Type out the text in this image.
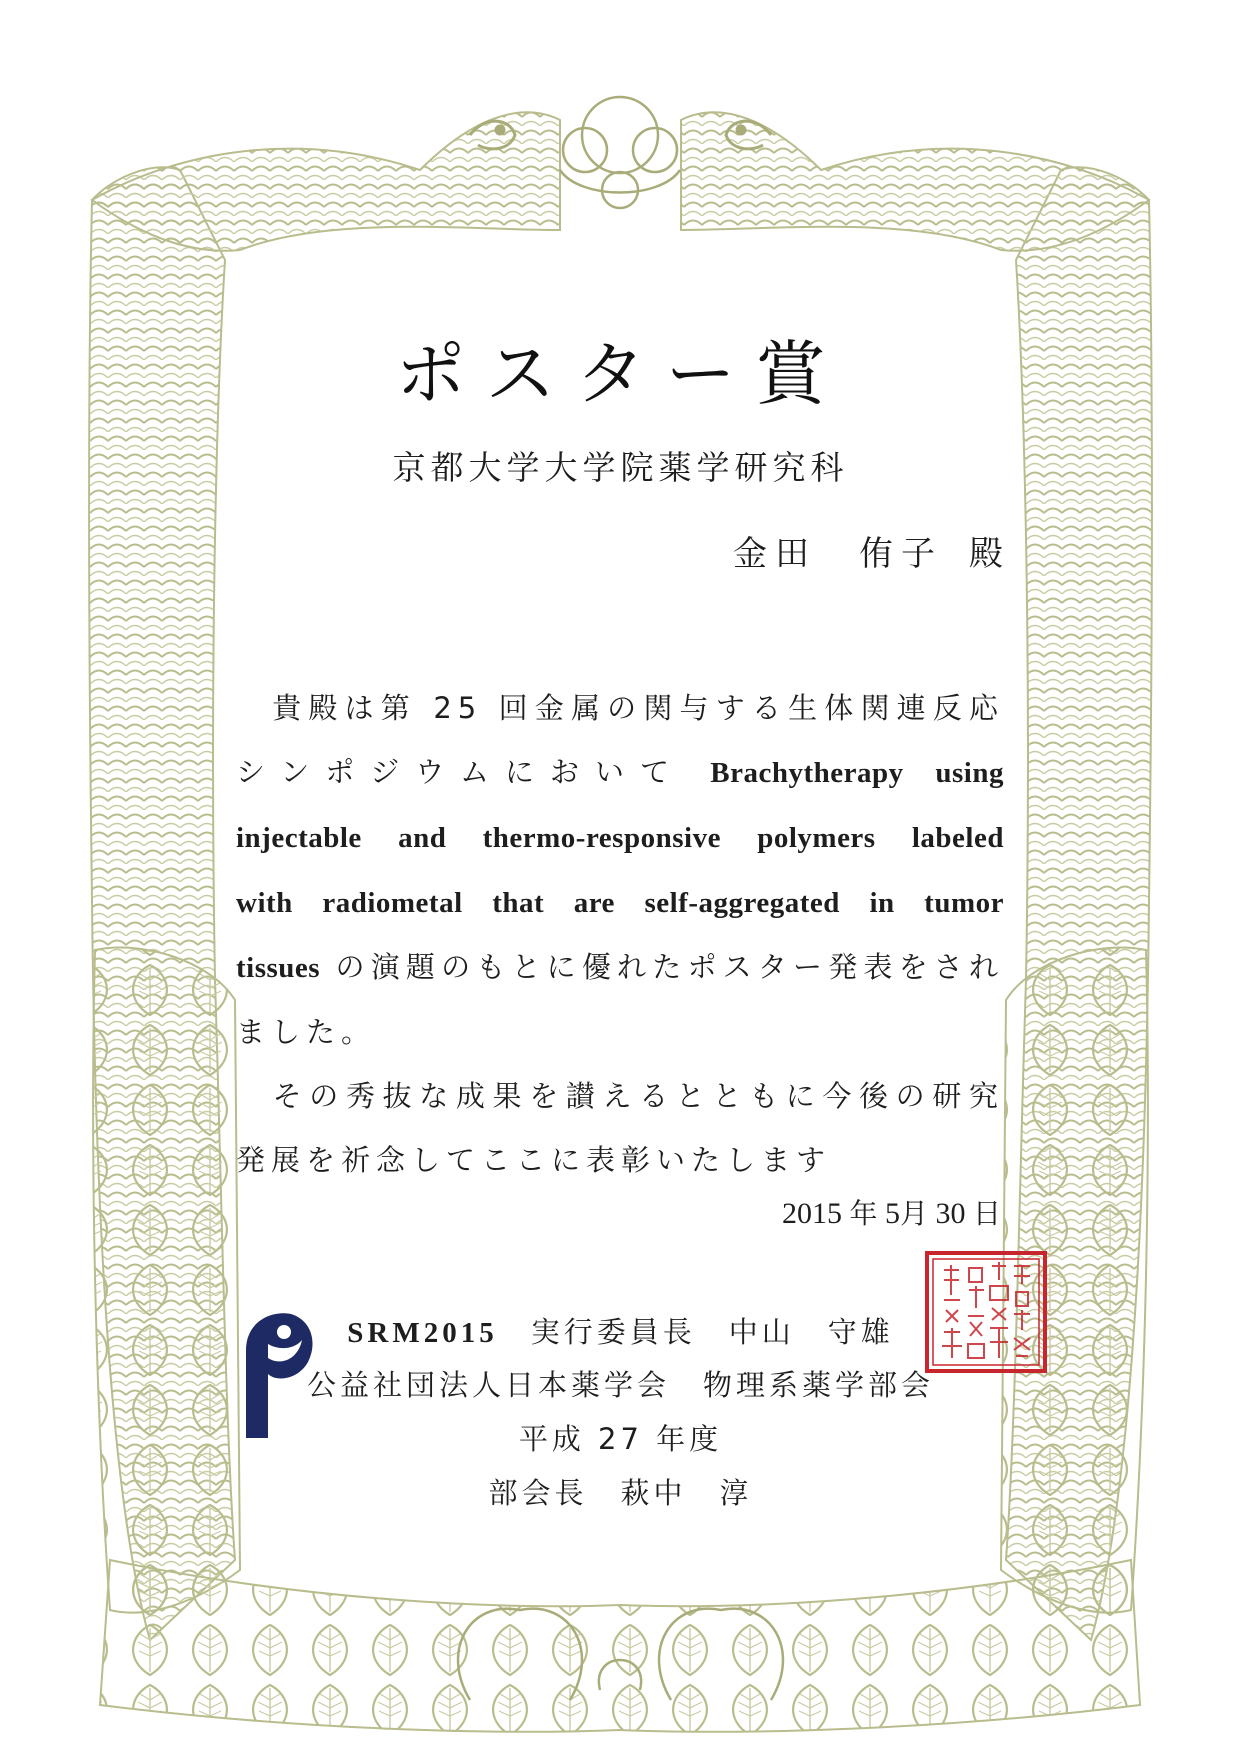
ポスター賞
京都大学大学院薬学研究科
金田　侑子 殿

　貴殿は第 25 回金属の関与する生体関連反応シンポジウムにおいて Brachytherapy using injectable and thermo-responsive polymers labeled with radiometal that are self-aggregated in tumor tissues の演題のもとに優れたポスター発表をされました。

　その秀抜な成果を讃えるとともに今後の研究発展を祈念してここに表彰いたします

2015 年 5月 30 日
SRM2015　 実行委員長　中山　守雄
公益社団法人日本薬学会　物理系薬学部会
平成 27 年度
部会長　萩中　淳
